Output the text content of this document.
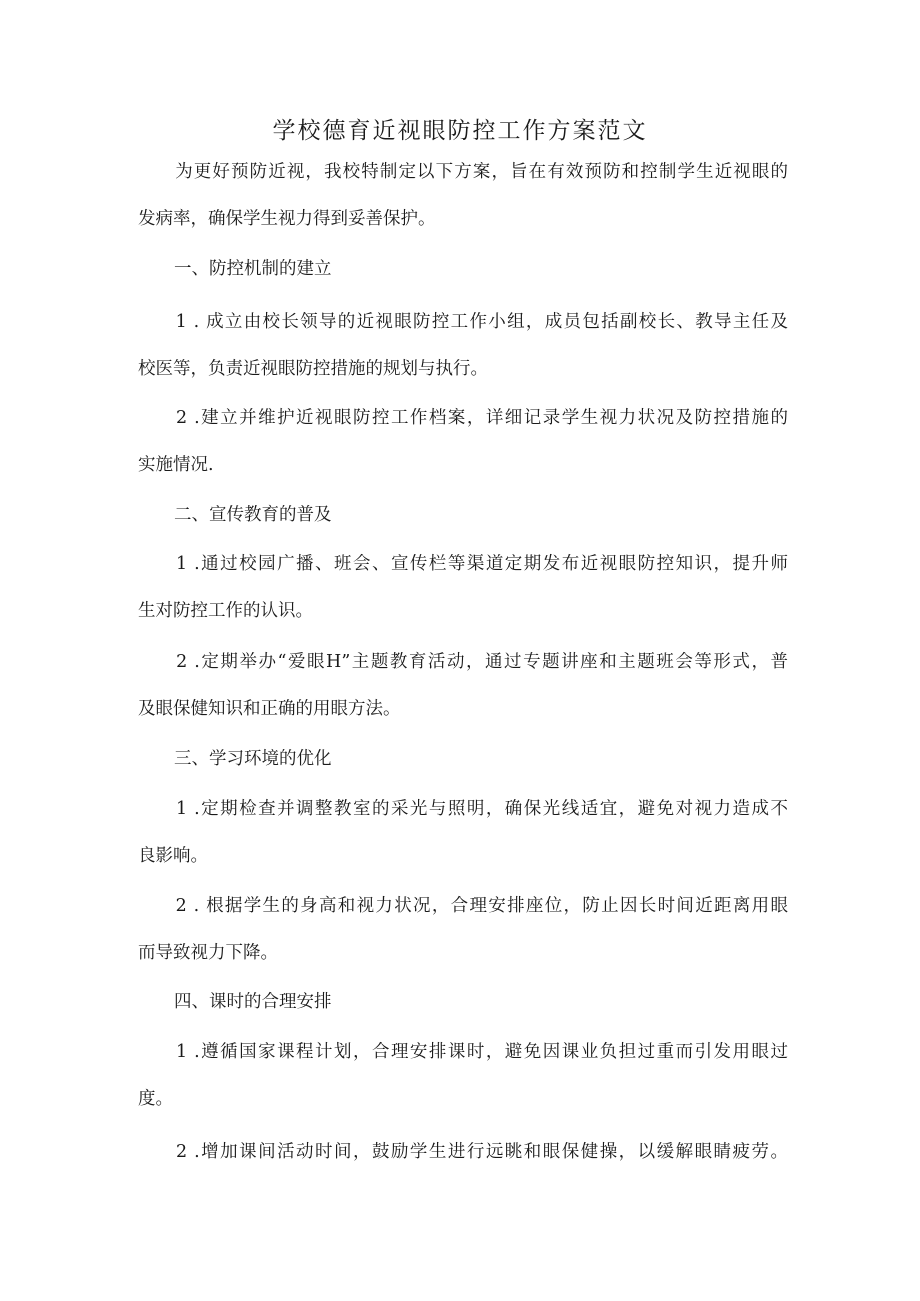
学校德育近视眼防控工作方案范文
　　为更好预防近视，我校特制定以下方案，旨在有效预防和控制学生近视眼的
发病率，确保学生视力得到妥善保护。
一、防控机制的建立
　　1 . 成立由校长领导的近视眼防控工作小组，成员包括副校长、教导主任及
校医等，负责近视眼防控措施的规划与执行。
　　2 .建立并维护近视眼防控工作档案，详细记录学生视力状况及防控措施的
实施情况.
二、宣传教育的普及
　　1 .通过校园广播、班会、宣传栏等渠道定期发布近视眼防控知识，提升师
生对防控工作的认识。
　　2 .定期举办“爱眼H”主题教育活动，通过专题讲座和主题班会等形式，普
及眼保健知识和正确的用眼方法。
三、学习环境的优化
　　1 .定期检查并调整教室的采光与照明，确保光线适宜，避免对视力造成不
良影响。
　　2 . 根据学生的身高和视力状况，合理安排座位，防止因长时间近距离用眼
而导致视力下降。
四、课时的合理安排
　　1 .遵循国家课程计划，合理安排课时，避免因课业负担过重而引发用眼过
度。
　　2 .增加课间活动时间，鼓励学生进行远眺和眼保健操，以缓解眼睛疲劳。
